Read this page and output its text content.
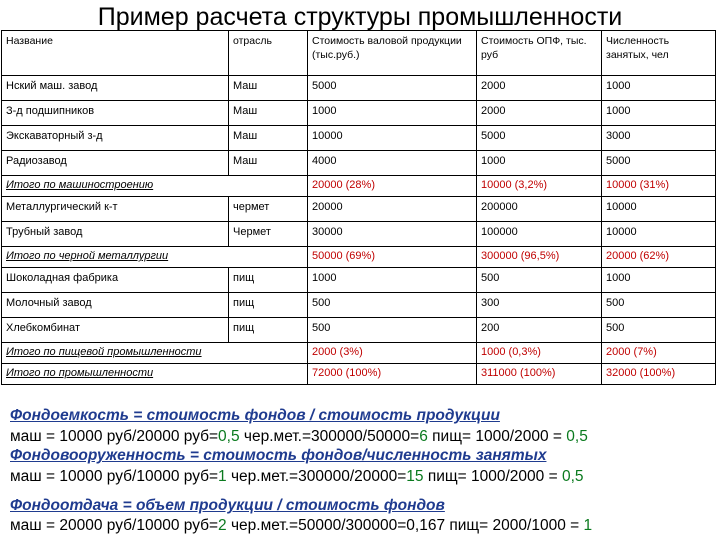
Пример расчета структуры промышленности
Название	отрасль	Стоимость валовой продукции (тыс.руб.)	Стоимость ОПФ, тыс. руб	Численность занятых, чел
Нский маш. завод	Маш	5000	2000	1000
З-д подшипников	Маш	1000	2000	1000
Экскаваторный з-д	Маш	10000	5000	3000
Радиозавод	Маш	4000	1000	5000
Итого по машиностроению		20000 (28%)	10000 (3,2%)	10000 (31%)
Металлургический к-т	чермет	20000	200000	10000
Трубный завод	Чермет	30000	100000	10000
Итого по черной металлургии		50000 (69%)	300000 (96,5%)	20000 (62%)
Шоколадная фабрика	пищ	1000	500	1000
Молочный завод	пищ	500	300	500
Хлебкомбинат	пищ	500	200	500
Итого по пищевой промышленности		2000 (3%)	1000 (0,3%)	2000 (7%)
Итого по промышленности		72000 (100%)	311000 (100%)	32000 (100%)
Фондоемкость = стоимость фондов / стоимость продукции
маш = 10000 руб/20000 руб=0,5 чер.мет.=300000/50000=6 пищ= 1000/2000 = 0,5
Фондовооруженность = стоимость фондов/численность занятых
маш = 10000 руб/10000 руб=1 чер.мет.=300000/20000=15 пищ= 1000/2000 = 0,5
Фондоотдача = объем продукции / стоимость фондов
маш = 20000 руб/10000 руб=2 чер.мет.=50000/300000=0,167 пищ= 2000/1000 = 1
